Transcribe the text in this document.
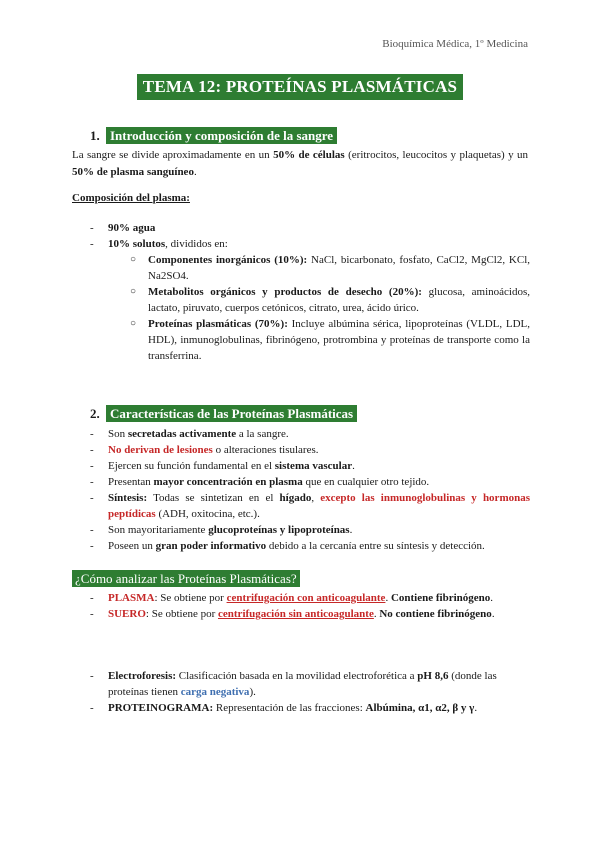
Bioquímica Médica, 1º Medicina
TEMA 12: PROTEÍNAS PLASMÁTICAS
1. Introducción y composición de la sangre
La sangre se divide aproximadamente en un 50% de células (eritrocitos, leucocitos y plaquetas) y un 50% de plasma sanguíneo.
Composición del plasma:
- 90% agua
- 10% solutos, divididos en:
○ Componentes inorgánicos (10%): NaCl, bicarbonato, fosfato, CaCl2, MgCl2, KCl, Na2SO4.
○ Metabolitos orgánicos y productos de desecho (20%): glucosa, aminoácidos, lactato, piruvato, cuerpos cetónicos, citrato, urea, ácido úrico.
○ Proteínas plasmáticas (70%): Incluye albúmina sérica, lipoproteínas (VLDL, LDL, HDL), inmunoglobulinas, fibrinógeno, protrombina y proteínas de transporte como la transferrina.
2. Características de las Proteínas Plasmáticas
- Son secretadas activamente a la sangre.
- No derivan de lesiones o alteraciones tisulares.
- Ejercen su función fundamental en el sistema vascular.
- Presentan mayor concentración en plasma que en cualquier otro tejido.
- Síntesis: Todas se sintetizan en el hígado, excepto las inmunoglobulinas y hormonas peptídicas (ADH, oxitocina, etc.).
- Son mayoritariamente glucoproteínas y lipoproteínas.
- Poseen un gran poder informativo debido a la cercanía entre su síntesis y detección.
¿Cómo analizar las Proteínas Plasmáticas?
- PLASMA: Se obtiene por centrifugación con anticoagulante. Contiene fibrinógeno.
- SUERO: Se obtiene por centrifugación sin anticoagulante. No contiene fibrinógeno.
- Electroforesis: Clasificación basada en la movilidad electroforética a pH 8,6 (donde las proteínas tienen carga negativa).
- PROTEINOGRAMA: Representación de las fracciones: Albúmina, α1, α2, β y γ.
